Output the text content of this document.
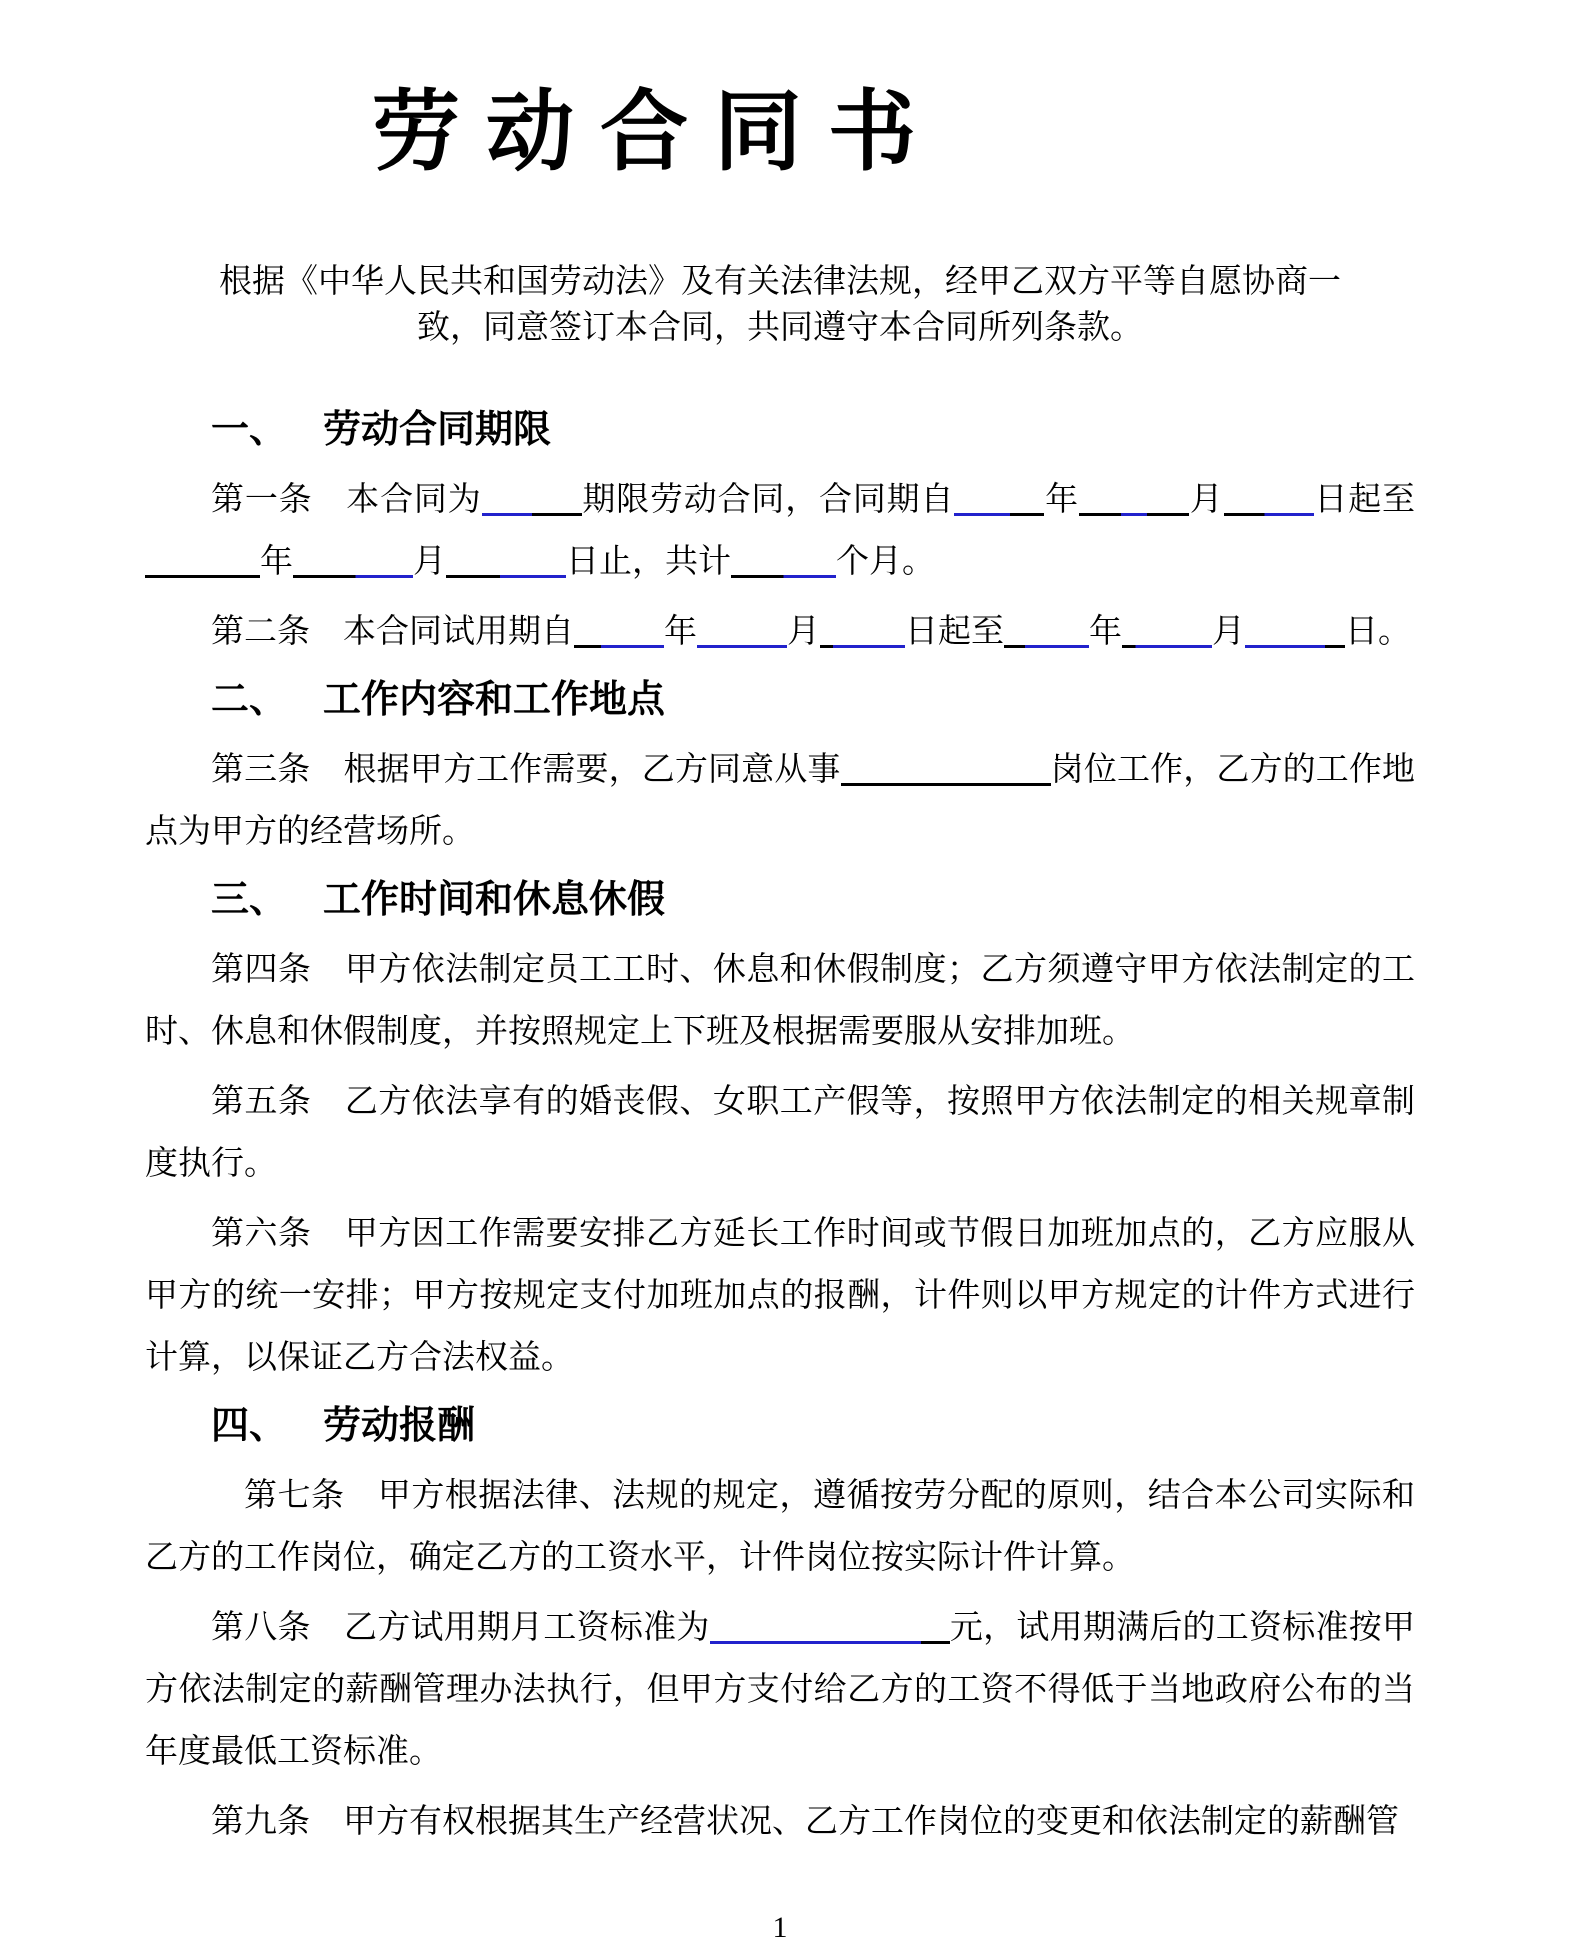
劳 动 合 同 书

根据《中华人民共和国劳动法》及有关法律法规，经甲乙双方平等自愿协商一致，同意签订本合同，共同遵守本合同所列条款。

一、 劳动合同期限

第一条　本合同为	期限劳动合同，合同期自	年	月	日起至年	月	日止，共计	个月。

第二条　本合同试用期自	年	月	日起至	年	月	日。

二、 工作内容和工作地点

第三条　根据甲方工作需要，乙方同意从事	岗位工作，乙方的工作地点为甲方的经营场所。

三、 工作时间和休息休假

第四条　甲方依法制定员工工时、休息和休假制度；乙方须遵守甲方依法制定的工时、休息和休假制度，并按照规定上下班及根据需要服从安排加班。

第五条　乙方依法享有的婚丧假、女职工产假等，按照甲方依法制定的相关规章制度执行。

第六条　甲方因工作需要安排乙方延长工作时间或节假日加班加点的，乙方应服从甲方的统一安排；甲方按规定支付加班加点的报酬，计件则以甲方规定的计件方式进行计算，以保证乙方合法权益。

四、 劳动报酬

第七条　甲方根据法律、法规的规定，遵循按劳分配的原则，结合本公司实际和乙方的工作岗位，确定乙方的工资水平，计件岗位按实际计件计算。

第八条　乙方试用期月工资标准为	元，试用期满后的工资标准按甲方依法制定的薪酬管理办法执行，但甲方支付给乙方的工资不得低于当地政府公布的当年度最低工资标准。

第九条　甲方有权根据其生产经营状况、乙方工作岗位的变更和依法制定的薪酬管

1
